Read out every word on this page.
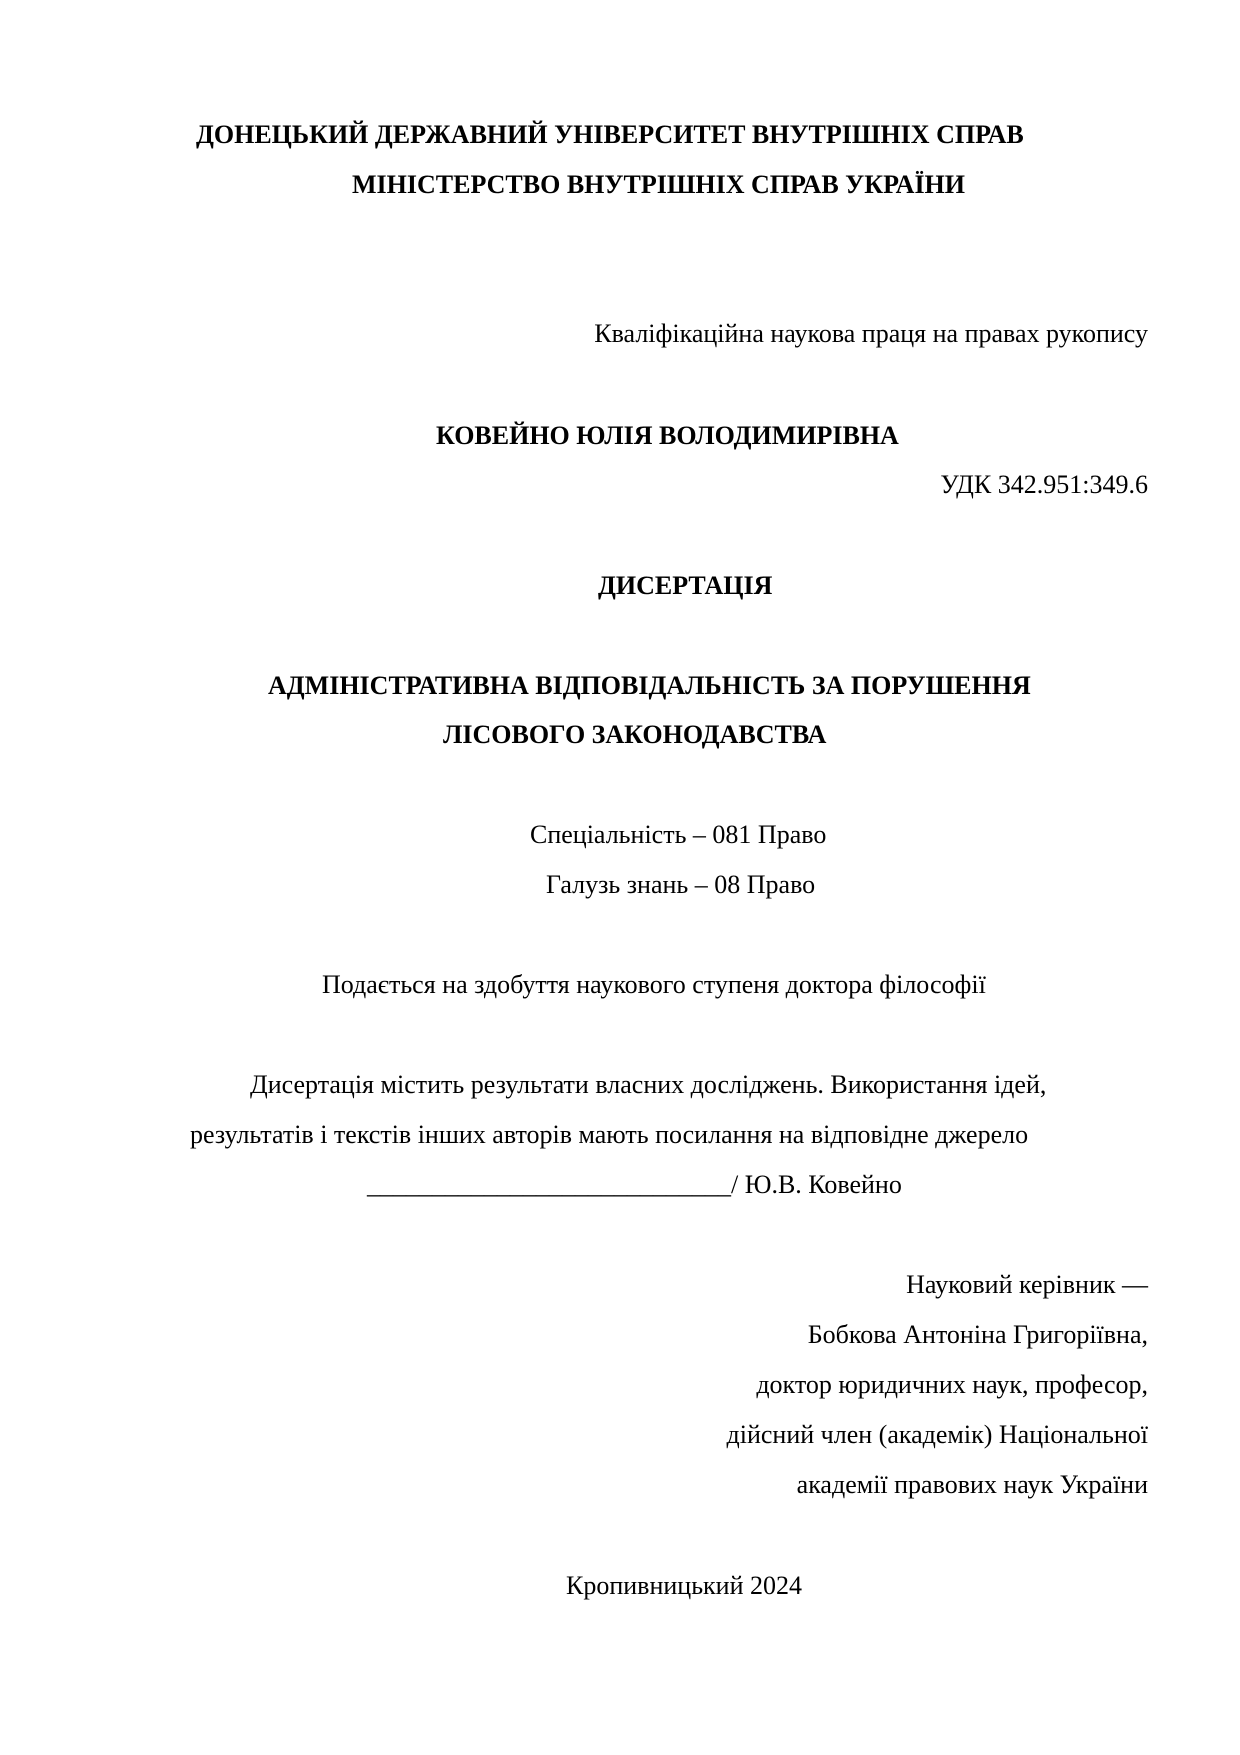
ДОНЕЦЬКИЙ ДЕРЖАВНИЙ УНІВЕРСИТЕТ ВНУТРІШНІХ СПРАВ
МІНІСТЕРСТВО ВНУТРІШНІХ СПРАВ УКРАЇНИ
Кваліфікаційна наукова праця на правах рукопису
КОВЕЙНО ЮЛІЯ ВОЛОДИМИРІВНА
УДК 342.951:349.6
ДИСЕРТАЦІЯ
АДМІНІСТРАТИВНА ВІДПОВІДАЛЬНІСТЬ ЗА ПОРУШЕННЯ
ЛІСОВОГО ЗАКОНОДАВСТВА
Спеціальність – 081 Право
Галузь знань – 08 Право
Подається на здобуття наукового ступеня доктора філософії
Дисертація містить результати власних досліджень. Використання ідей,
результатів і текстів інших авторів мають посилання на відповідне джерело
____________________________/ Ю.В. Ковейно
Науковий керівник —
Бобкова Антоніна Григоріївна,
доктор юридичних наук, професор,
дійсний член (академік) Національної
академії правових наук України
Кропивницький 2024
